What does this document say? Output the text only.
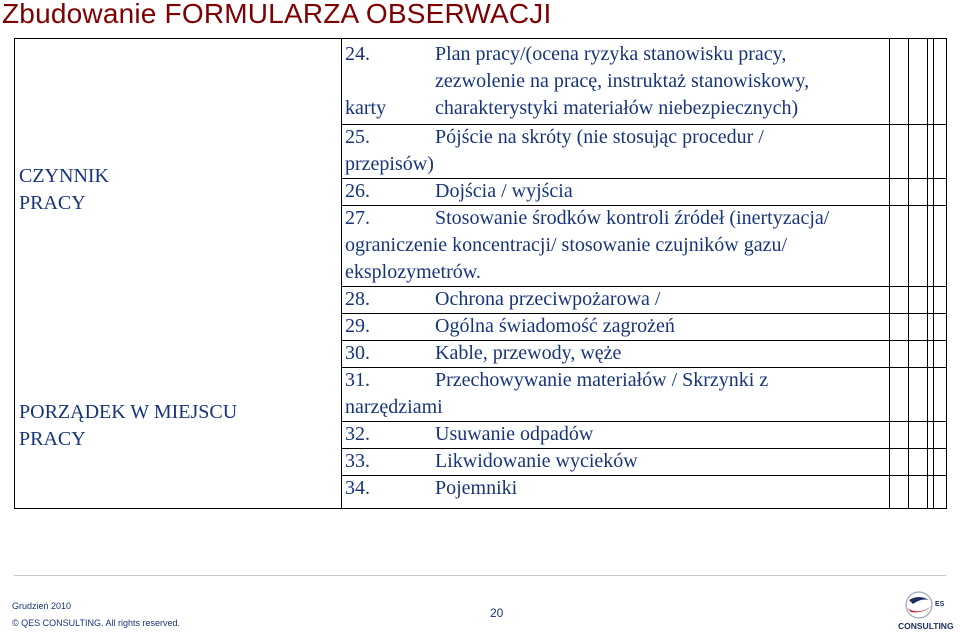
Zbudowanie FORMULARZA OBSERWACJI
CZYNNIK
PRACY
PORZĄDEK W MIEJSCU
PRACY
24.	Plan pracy/(ocena ryzyka stanowisku pracy,
zezwolenie na pracę, instruktaż stanowiskowy,
karty charakterystyki materiałów niebezpiecznych)
25.	Pójście na skróty (nie stosując procedur /
przepisów)
26.	Dojścia / wyjścia
27.	Stosowanie środków kontroli źródeł (inertyzacja/
ograniczenie koncentracji/ stosowanie czujników gazu/
eksplozymetrów.
28.	Ochrona przeciwpożarowa /
29.	Ogólna świadomość zagrożeń
30.	Kable, przewody, węże
31.	Przechowywanie materiałów / Skrzynki z
narzędziami
32.	Usuwanie odpadów
33.	Likwidowanie wycieków
34.	Pojemniki
Grudzień 2010
© QES CONSULTING. All rights reserved.
20
ES
CONSULTING
